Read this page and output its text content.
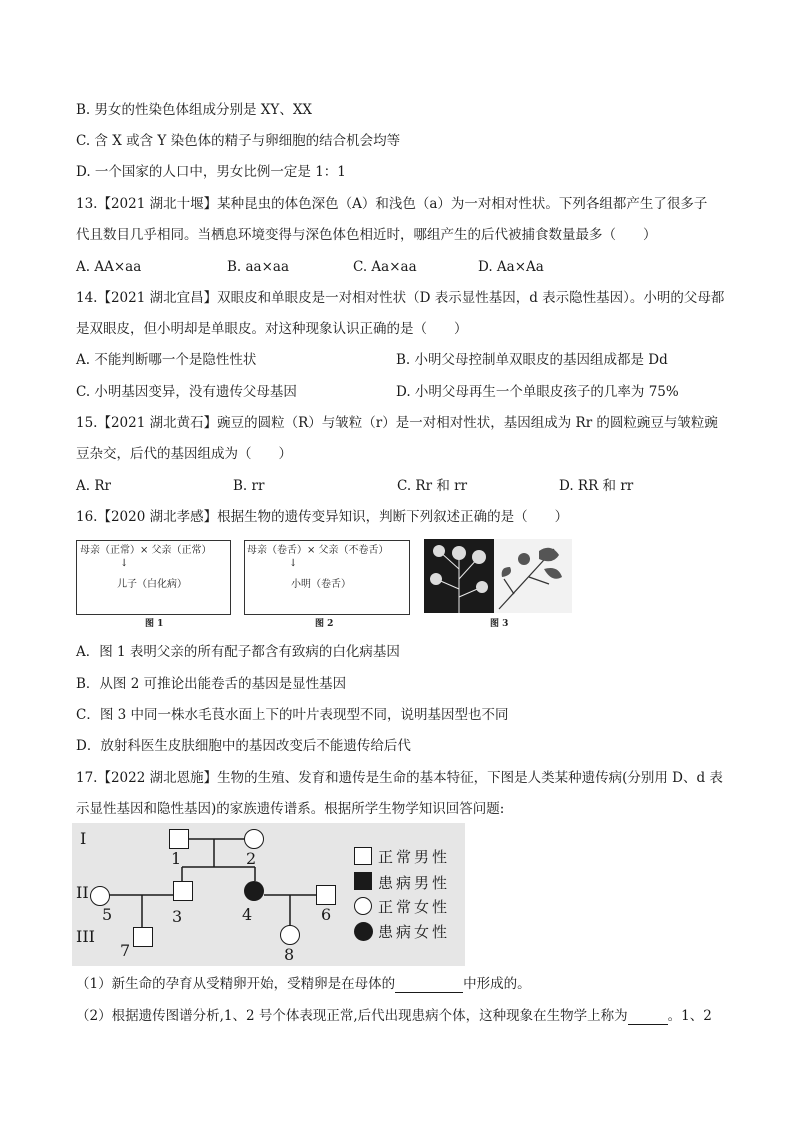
B. 男女的性染色体组成分别是 XY、XX
C. 含 X 或含 Y 染色体的精子与卵细胞的结合机会均等
D. 一个国家的人口中，男女比例一定是 1：1
13.【2021 湖北十堰】某种昆虫的体色深色（A）和浅色（a）为一对相对性状。下列各组都产生了很多子
代且数目几乎相同。当栖息环境变得与深色体色相近时，哪组产生的后代被捕食数量最多（　　）
A. AA×aa	B. aa×aa	C. Aa×aa	D. Aa×Aa
14.【2021 湖北宜昌】双眼皮和单眼皮是一对相对性状（D 表示显性基因，d 表示隐性基因）。小明的父母都
是双眼皮，但小明却是单眼皮。对这种现象认识正确的是（　　）
A. 不能判断哪一个是隐性性状	B. 小明父母控制单双眼皮的基因组成都是 Dd
C. 小明基因变异，没有遗传父母基因	D. 小明父母再生一个单眼皮孩子的几率为 75%
15.【2021 湖北黄石】豌豆的圆粒（R）与皱粒（r）是一对相对性状，基因组成为 Rr 的圆粒豌豆与皱粒豌
豆杂交，后代的基因组成为（　　）
A. Rr	B. rr	C. Rr 和 rr	D. RR 和 rr
16.【2020 湖北孝感】根据生物的遗传变异知识，判断下列叙述正确的是（　　）
母亲（正常）× 父亲（正常）
↓
儿子（白化病）
图 1
母亲（卷舌）× 父亲（不卷舌）
↓
小明（卷舌）
图 2	图 3
A．图 1 表明父亲的所有配子都含有致病的白化病基因
B．从图 2 可推论出能卷舌的基因是显性基因
C．图 3 中同一株水毛茛水面上下的叶片表现型不同，说明基因型也不同
D．放射科医生皮肤细胞中的基因改变后不能遗传给后代
17.【2022 湖北恩施】生物的生殖、发育和遗传是生命的基本特征，下图是人类某种遗传病(分别用 D、d 表
示显性基因和隐性基因)的家族遗传谱系。根据所学生物学知识回答问题:
I
II
III
1	2
5	3	4	6
7	8
正常男性
患病男性
正常女性
患病女性
（1）新生命的孕育从受精卵开始，受精卵是在母体的	中形成的。
（2）根据遗传图谱分析,1、2 号个体表现正常,后代出现患病个体，这种现象在生物学上称为	。1、2
